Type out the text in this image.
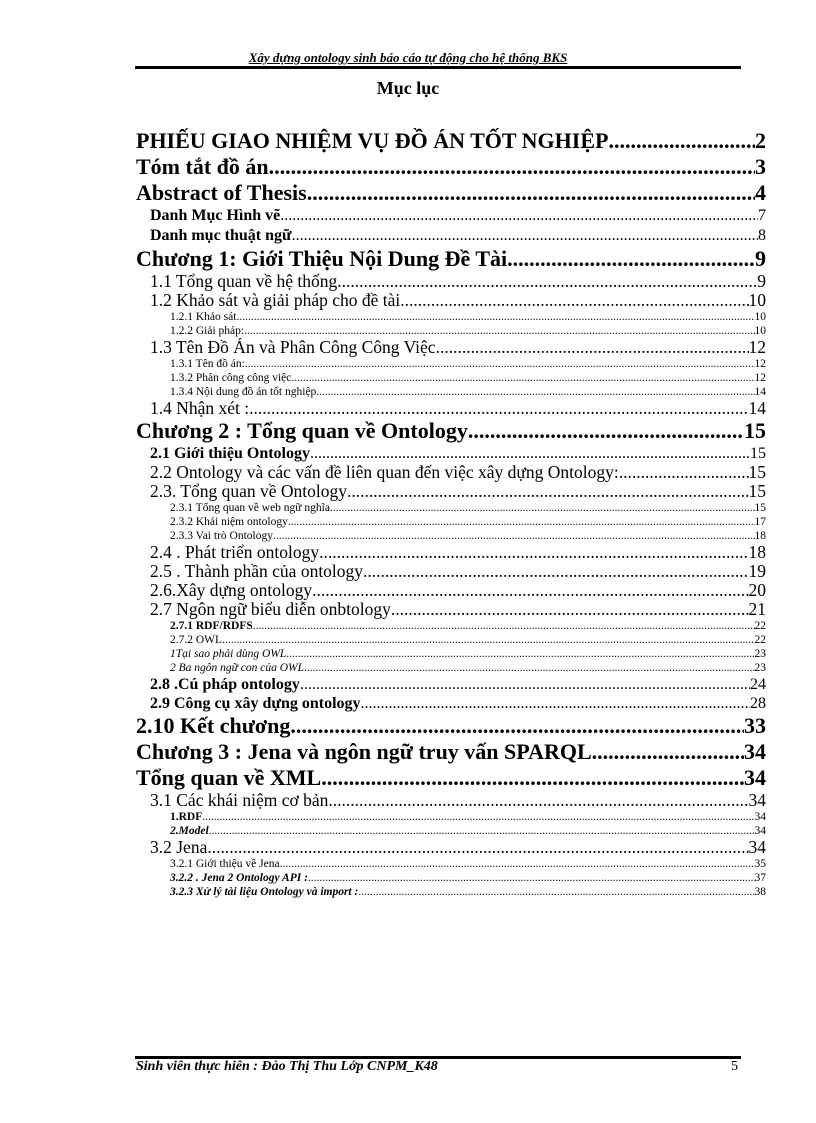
Xây dựng ontology sinh báo cáo tự động cho hệ thống BKS
Mục lục
PHIẾU GIAO NHIỆM VỤ ĐỒ ÁN TỐT NGHIỆP .....	2
Tóm tắt đồ án .....	3
Abstract of Thesis .....	4
Danh Mục Hình vẽ .....	7
Danh mục thuật ngữ .....	8
Chương 1: Giới Thiệu Nội Dung Đề Tài .....	9
1.1 Tổng quan về hệ thống .....	9
1.2 Khảo sát và giải pháp cho đề tài .....	10
1.2.1 Khảo sát .....	10
1.2.2 Giải pháp: .....	10
1.3 Tên Đồ Án và Phân Công Công Việc .....	12
1.3.1 Tên đồ án: .....	12
1.3.2 Phân công công việc .....	12
1.3.4 Nội dung đồ án tốt nghiệp. .....	14
1.4 Nhận xét : .....	14
Chương 2 : Tổng quan về Ontology .....	15
2.1 Giới thiệu Ontology .....	15
2.2 Ontology và các vấn đề liên quan đến việc xây dựng Ontology: .....	15
2.3. Tổng quan về Ontology .....	15
2.3.1 Tổng quan về web ngữ nghĩa .....	15
2.3.2 Khái niệm ontology .....	17
2.3.3 Vai trò Ontology .....	18
2.4 . Phát triển ontology .....	18
2.5 . Thành phần của ontology .....	19
2.6.Xây dựng ontology .....	20
2.7 Ngôn ngữ biểu diễn onbtology .....	21
2.7.1 RDF/RDFS .....	22
2.7.2 OWL .....	22
1Tại sao phải dùng OWL .....	23
2 Ba ngôn ngữ con của OWL .....	23
2.8 .Cú pháp ontology .....	24
2.9 Công cụ xây dựng ontology .....	28
2.10 Kết chương .....	33
Chương 3 : Jena và ngôn ngữ truy vấn SPARQL .....	34
Tổng quan về XML .....	34
3.1 Các khái niệm cơ bản .....	34
1.RDF .....	34
2.Model .....	34
3.2 Jena .....	34
3.2.1 Giới thiệu về Jena .....	35
3.2.2 . Jena 2 Ontology API : .....	37
3.2.3 Xử lý tài liệu Ontology và import : .....	38
Sinh viên thực hiên : Đào Thị Thu Lớp CNPM_K48	5
